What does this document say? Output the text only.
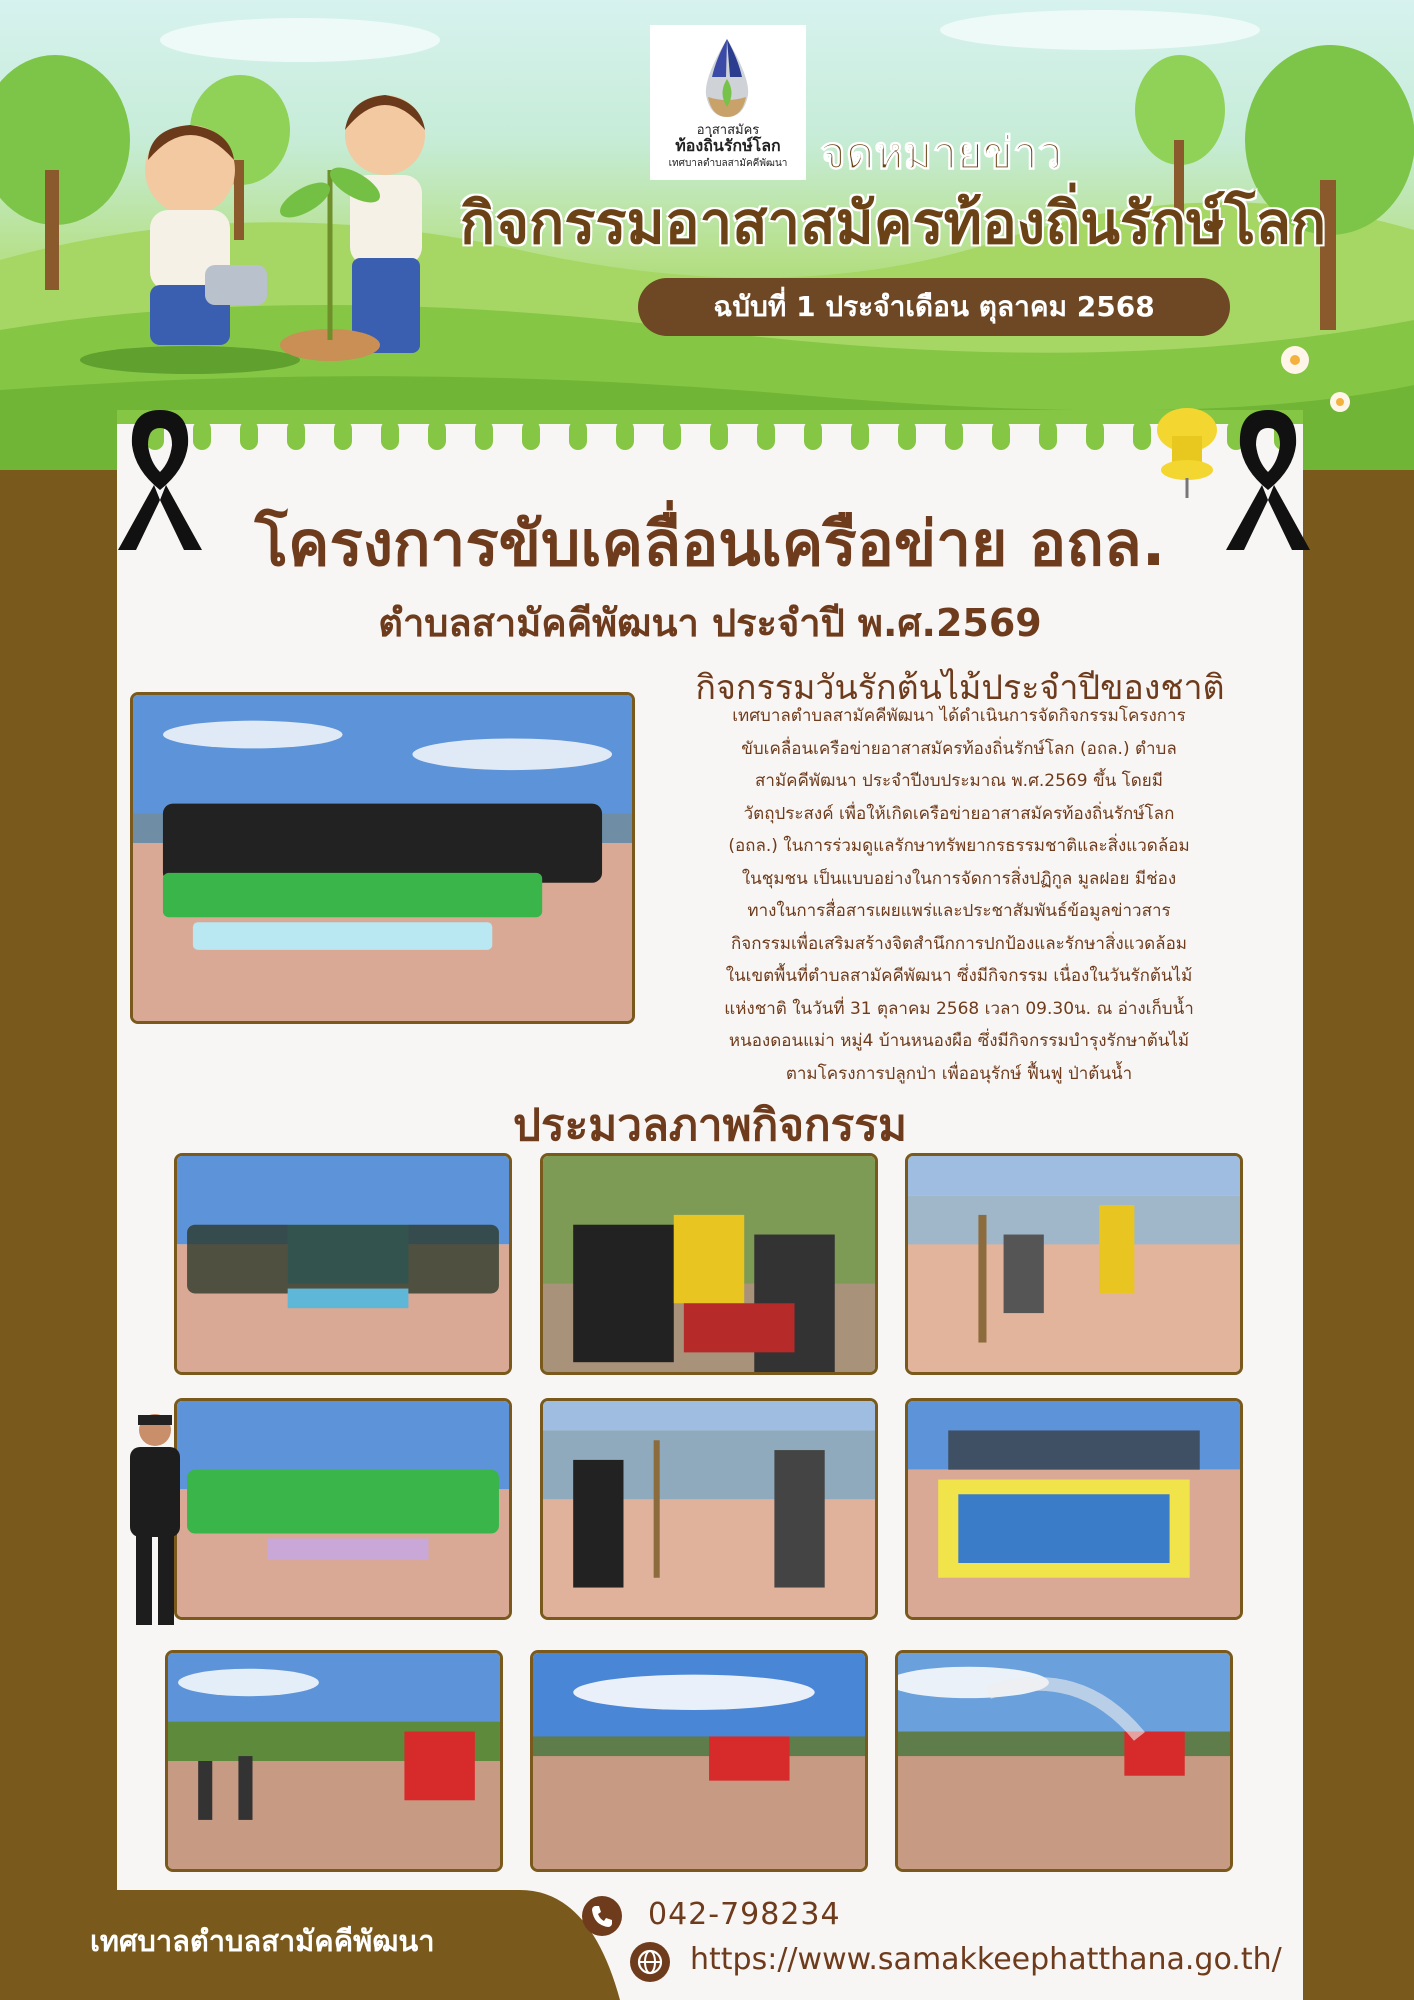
อาสาสมัคร
ท้องถิ่นรักษ์โลก
เทศบาลตำบลสามัคคีพัฒนา จดหมายข่าว
กิจกรรมอาสาสมัครท้องถิ่นรักษ์โลก
ฉบับที่ 1 ประจำเดือน ตุลาคม 2568
โครงการขับเคลื่อนเครือข่าย อถล.
ตำบลสามัคคีพัฒนา ประจำปี พ.ศ.2569
กิจกรรมวันรักต้นไม้ประจำปีของชาติ
เทศบาลตำบลสามัคคีพัฒนา ได้ดำเนินการจัดกิจกรรมโครงการ
ขับเคลื่อนเครือข่ายอาสาสมัครท้องถิ่นรักษ์โลก (อถล.) ตำบล
สามัคคีพัฒนา ประจำปีงบประมาณ พ.ศ.2569 ขึ้น โดยมี
วัตถุประสงค์ เพื่อให้เกิดเครือข่ายอาสาสมัครท้องถิ่นรักษ์โลก
(อถล.) ในการร่วมดูแลรักษาทรัพยากรธรรมชาติและสิ่งแวดล้อม
ในชุมชน เป็นแบบอย่างในการจัดการสิ่งปฏิกูล มูลฝอย มีช่อง
ทางในการสื่อสารเผยแพร่และประชาสัมพันธ์ข้อมูลข่าวสาร
กิจกรรมเพื่อเสริมสร้างจิตสำนึกการปกป้องและรักษาสิ่งแวดล้อม
ในเขตพื้นที่ตำบลสามัคคีพัฒนา ซึ่งมีกิจกรรม เนื่องในวันรักต้นไม้
แห่งชาติ ในวันที่ 31 ตุลาคม 2568 เวลา 09.30น. ณ อ่างเก็บน้ำ
หนองดอนแม่า หมู่4 บ้านหนองผือ ซึ่งมีกิจกรรมบำรุงรักษาต้นไม้
ตามโครงการปลูกป่า เพื่ออนุรักษ์ ฟื้นฟู ป่าต้นน้ำ
ประมวลภาพกิจกรรม
เทศบาลตำบลสามัคคีพัฒนา
042-798234
https://www.samakkeephatthana.go.th/
